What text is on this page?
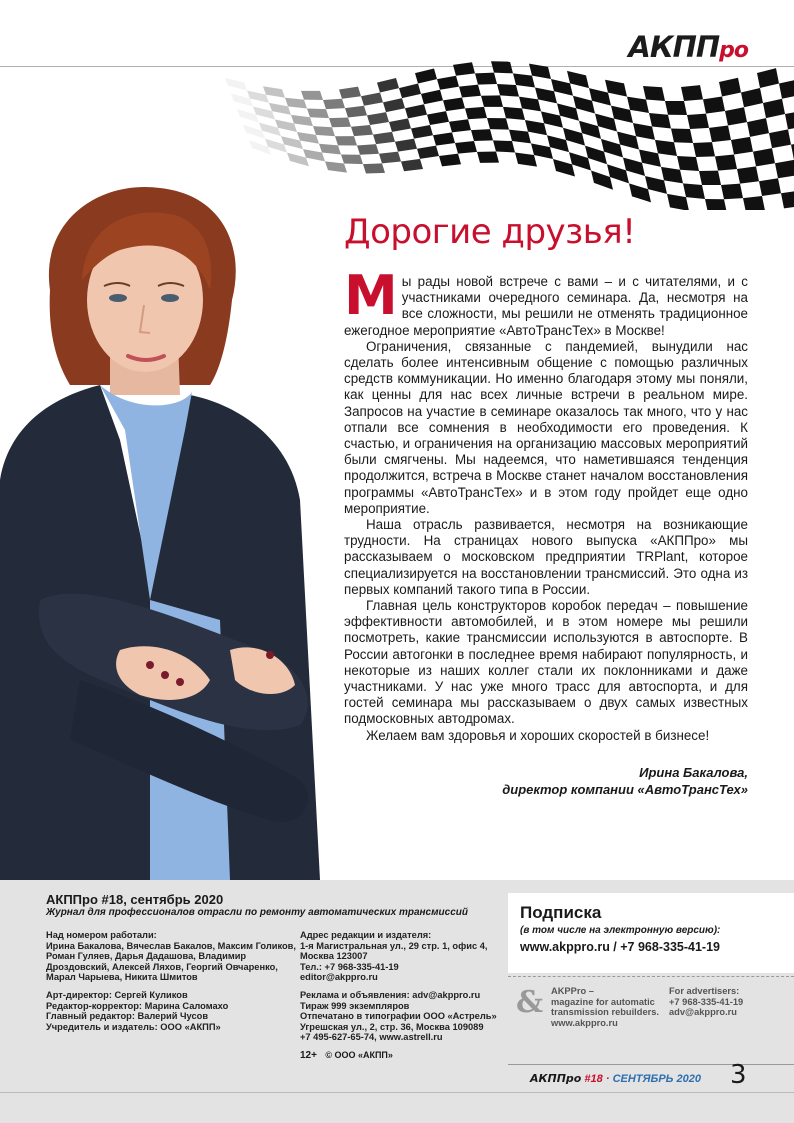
АКППро
Дорогие друзья!

Мы рады новой встрече с вами – и с читателями, и с участниками очередного семинара. Да, несмотря на все сложности, мы решили не отменять традиционное ежегодное мероприятие «АвтоТрансТех» в Москве!

Ограничения, связанные с пандемией, вынудили нас сделать более интенсивным общение с помощью различных средств коммуникации. Но именно благодаря этому мы поняли, как ценны для нас всех личные встречи в реальном мире. Запросов на участие в семинаре оказалось так много, что у нас отпали все сомнения в необходимости его проведения. К счастью, и ограничения на организацию массовых мероприятий были смягчены. Мы надеемся, что наметившаяся тенденция продолжится, встреча в Москве станет началом восстановления программы «АвтоТрансТех» и в этом году пройдет еще одно мероприятие.

Наша отрасль развивается, несмотря на возникающие трудности. На страницах нового выпуска «АКППро» мы рассказываем о московском предприятии TRPlant, которое специализируется на восстановлении трансмиссий. Это одна из первых компаний такого типа в России.

Главная цель конструкторов коробок передач – повышение эффективности автомобилей, и в этом номере мы решили посмотреть, какие трансмиссии используются в автоспорте. В России автогонки в последнее время набирают популярность, и некоторые из наших коллег стали их поклонниками и даже участниками. У нас уже много трасс для автоспорта, и для гостей семинара мы рассказываем о двух самых известных подмосковных автодромах.

Желаем вам здоровья и хороших скоростей в бизнесе!

Ирина Бакалова,
директор компании «АвтоТрансТех»
АКППро #18, сентябрь 2020
Журнал для профессионалов отрасли по ремонту автоматических трансмиссий
Над номером работали:
Ирина Бакалова, Вячеслав Бакалов, Максим Голиков, Роман Гуляев, Дарья Дадашова, Владимир Дроздовский, Алексей Ляхов, Георгий Овчаренко, Марал Чарыева, Никита Шмитов
Арт-директор: Сергей Куликов
Редактор-корректор: Марина Саломахо
Главный редактор: Валерий Чусов
Учредитель и издатель: ООО «АКПП»
Адрес редакции и издателя:
1-я Магистральная ул., 29 стр. 1, офис 4, Москва 123007
Тел.: +7 968-335-41-19
editor@akppro.ru
Реклама и объявления: adv@akppro.ru
Тираж 999 экземпляров
Отпечатано в типографии ООО «Астрель»
Угрешская ул., 2, стр. 36, Москва 109089
+7 495-627-65-74, www.astrell.ru
12+ © ООО «АКПП»
Подписка
(в том числе на электронную версию):
www.akppro.ru / +7 968-335-41-19
& AKPPro –
magazine for automatic
transmission rebuilders.
www.akppro.ru
For advertisers:
+7 968-335-41-19
adv@akppro.ru
АКППро #18 · СЕНТЯБРЬ 2020 3
